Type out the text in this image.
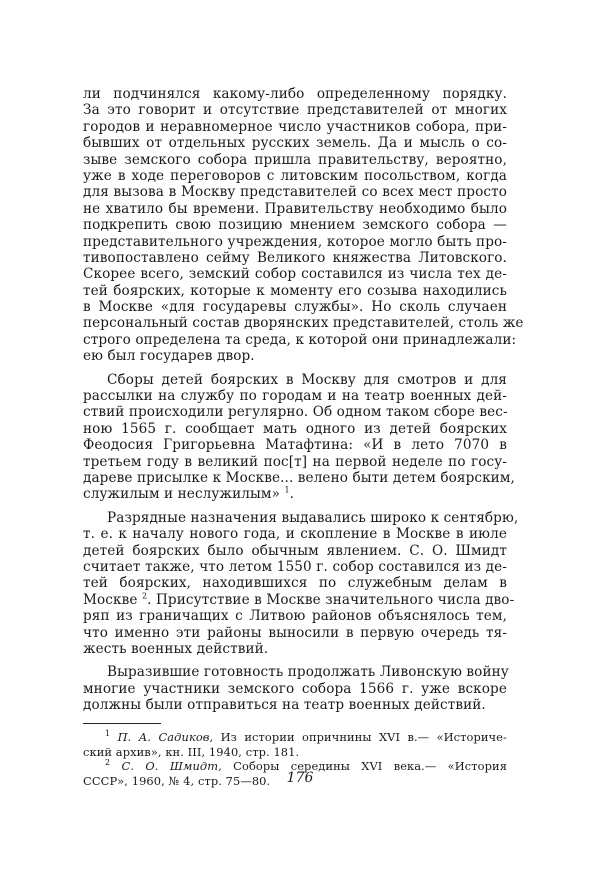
ли подчинялся какому-либо определенному порядку.
За это говорит и отсутствие представителей от многих
городов и неравномерное число участников собора, при-
бывших от отдельных русских земель. Да и мысль о со-
зыве земского собора пришла правительству, вероятно,
уже в ходе переговоров с литовским посольством, когда
для вызова в Москву представителей со всех мест просто
не хватило бы времени. Правительству необходимо было
подкрепить свою позицию мнением земского собора —
представительного учреждения, которое могло быть про-
тивопоставлено сейму Великого княжества Литовского.
Скорее всего, земский собор составился из числа тех де-
тей боярских, которые к моменту его созыва находились
в Москве «для государевы службы». Но сколь случаен
персональный состав дворянских представителей, столь же
строго определена та среда, к которой они принадлежали:
ею был государев двор.
Сборы детей боярских в Москву для смотров и для
рассылки на службу по городам и на театр военных дей-
ствий происходили регулярно. Об одном таком сборе вес-
ною 1565 г. сообщает мать одного из детей боярских
Феодосия Григорьевна Матафтина: «И в лето 7070 в
третьем году в великий пос[т] на первой неделе по госу-
дареве присылке к Москве... велено быти детем боярским,
служилым и неслужилым» $^1$.
Разрядные назначения выдавались широко к сентябрю,
т. е. к началу нового года, и скопление в Москве в июле
детей боярских было обычным явлением. С. О. Шмидт
считает также, что летом 1550 г. собор составился из де-
тей боярских, находившихся по служебным делам в
Москве $^2$. Присутствие в Москве значительного числа дво-
ряп из граничащих с Литвою районов объяснялось тем,
что именно эти районы выносили в первую очередь тя-
жесть военных действий.
Выразившие готовность продолжать Ливонскую войну
многие участники земского собора 1566 г. уже вскоре
должны были отправиться на театр военных действий.
$^1$ П. А. Садиков, Из истории опричнины XVI в.— «Историче-
ский архив», кн. III, 1940, стр. 181.
$^2$ С. О. Шмидт, Соборы середины XVI века.— «История
СССР», 1960, № 4, стр. 75—80.	176
